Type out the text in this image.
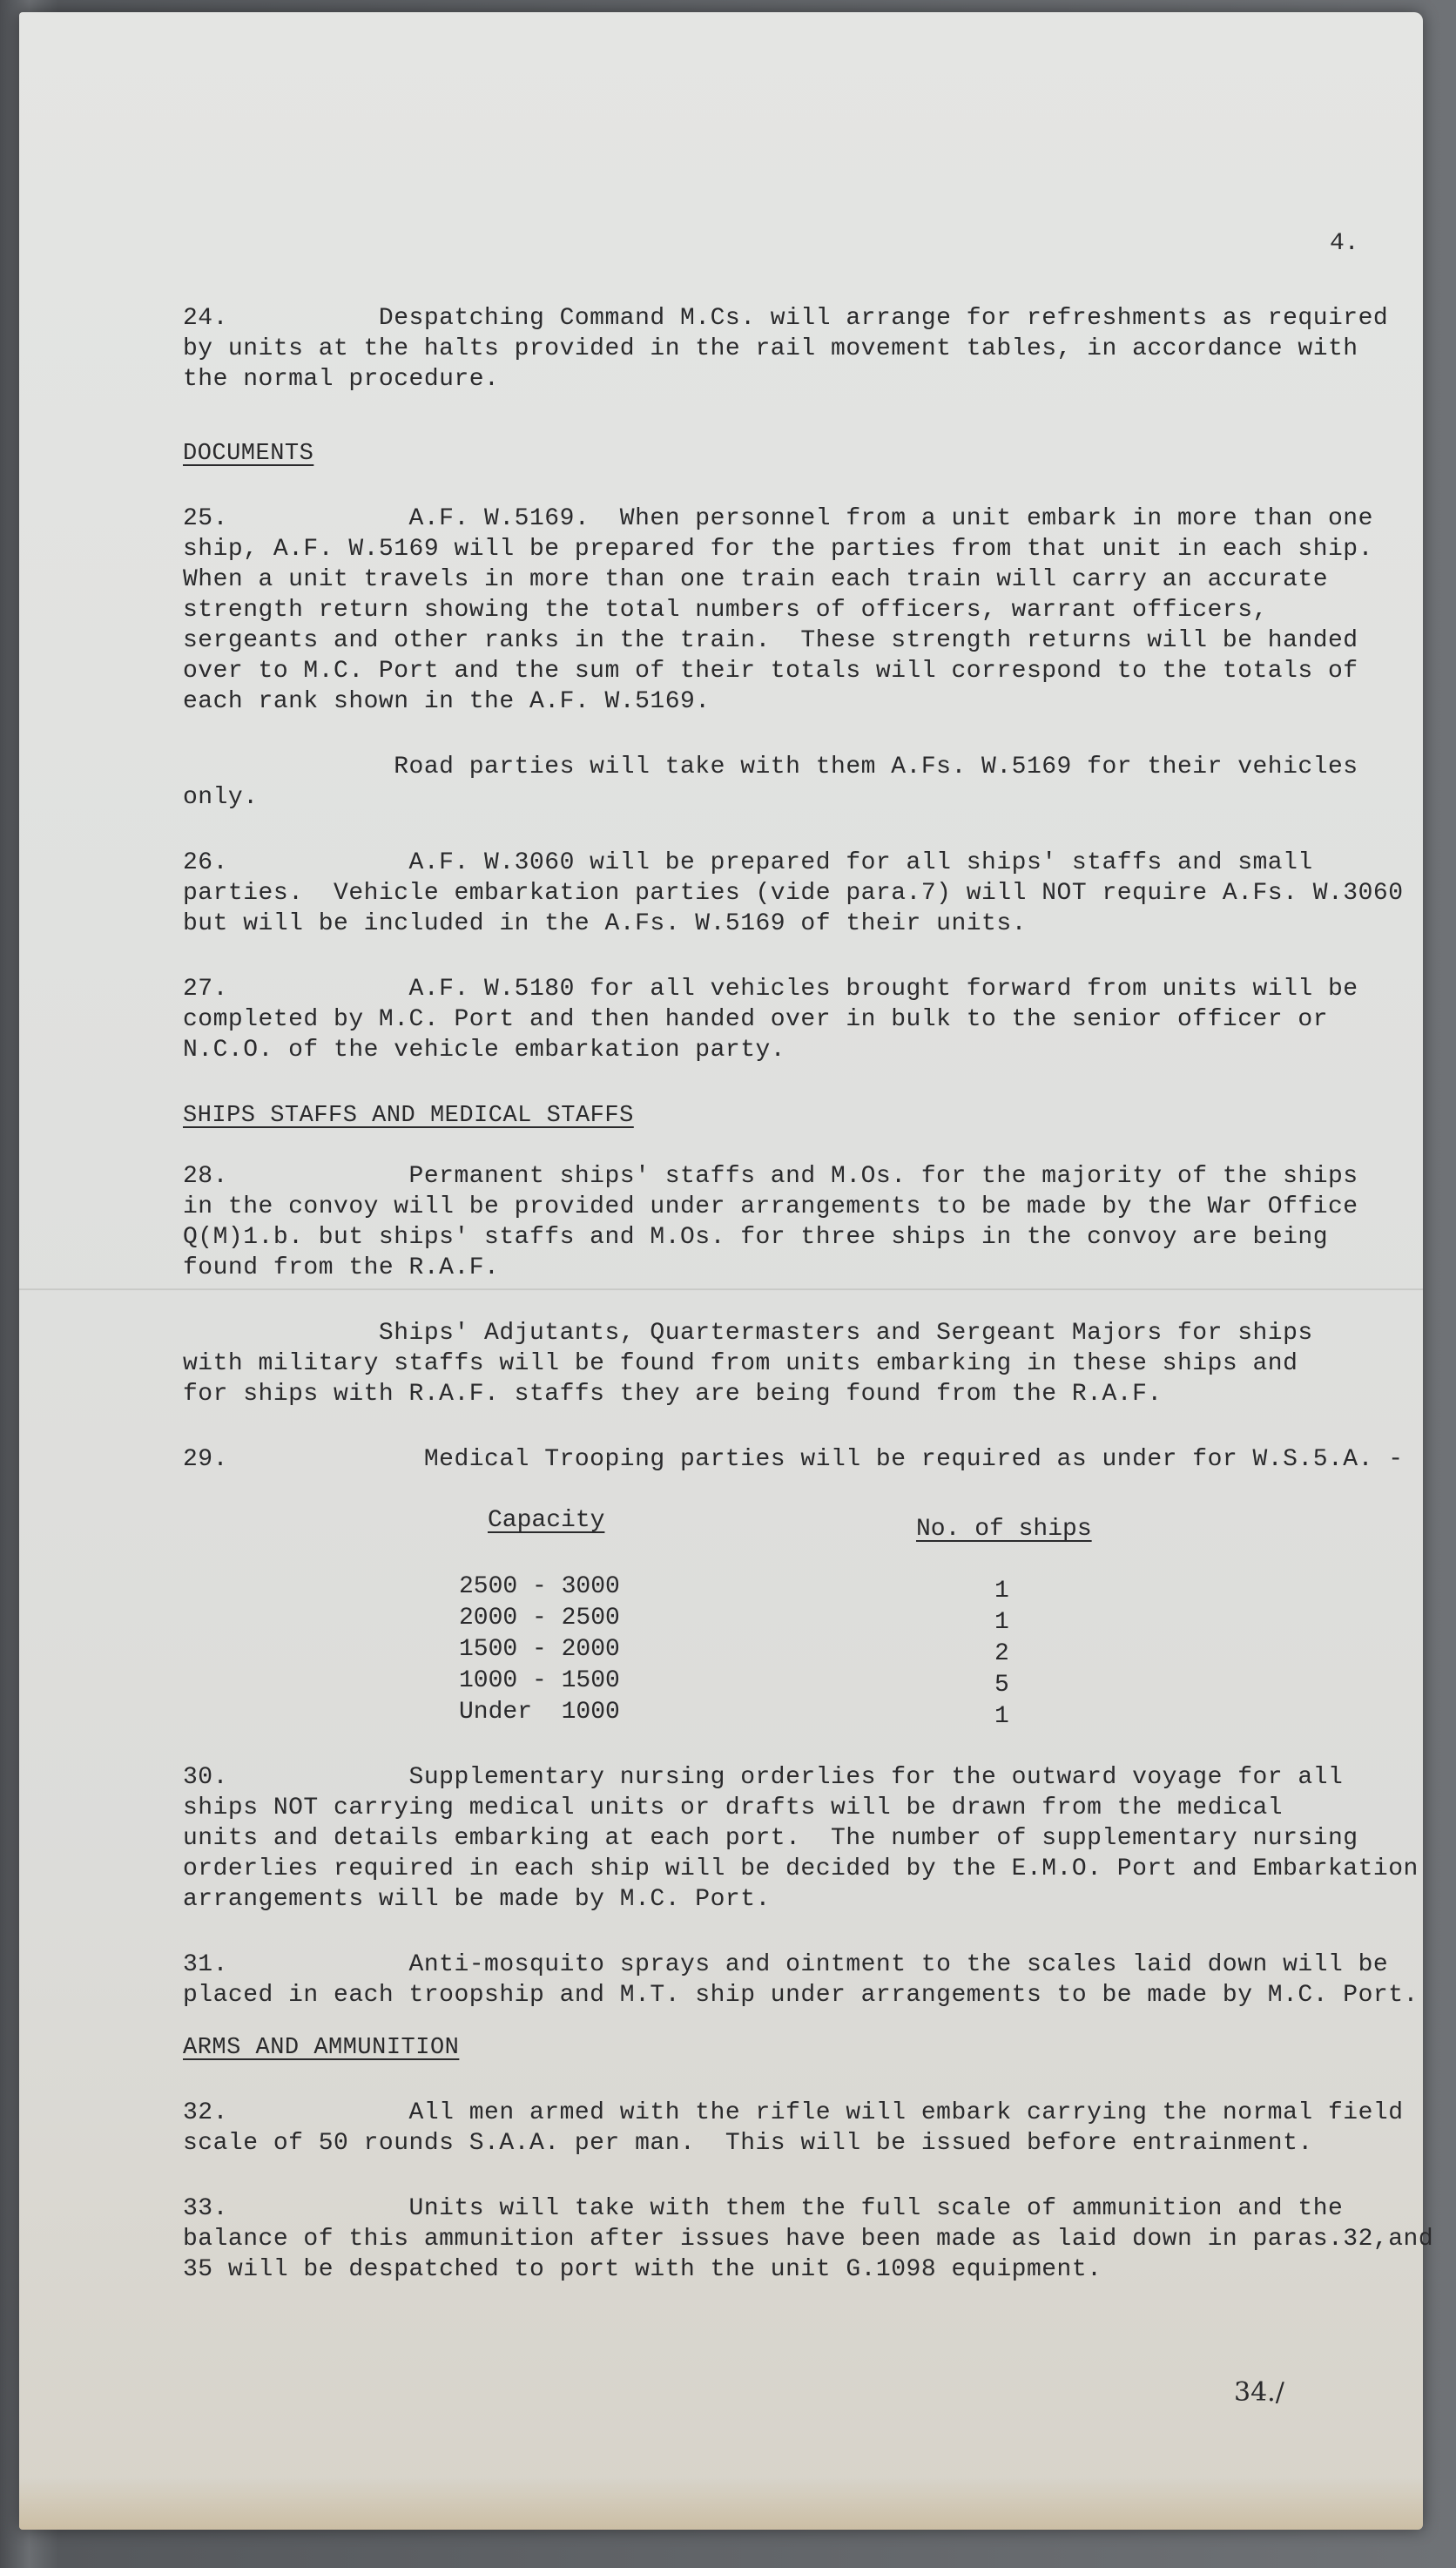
4.
24.          Despatching Command M.Cs. will arrange for refreshments as required
by units at the halts provided in the rail movement tables, in accordance with
the normal procedure.
DOCUMENTS
25.            A.F. W.5169.  When personnel from a unit embark in more than one
ship, A.F. W.5169 will be prepared for the parties from that unit in each ship.
When a unit travels in more than one train each train will carry an accurate
strength return showing the total numbers of officers, warrant officers,
sergeants and other ranks in the train.  These strength returns will be handed
over to M.C. Port and the sum of their totals will correspond to the totals of
each rank shown in the A.F. W.5169.
Road parties will take with them A.Fs. W.5169 for their vehicles
only.
26.            A.F. W.3060 will be prepared for all ships' staffs and small
parties.  Vehicle embarkation parties (vide para.7) will NOT require A.Fs. W.3060
but will be included in the A.Fs. W.5169 of their units.
27.            A.F. W.5180 for all vehicles brought forward from units will be
completed by M.C. Port and then handed over in bulk to the senior officer or
N.C.O. of the vehicle embarkation party.
SHIPS STAFFS AND MEDICAL STAFFS
28.            Permanent ships' staffs and M.Os. for the majority of the ships
in the convoy will be provided under arrangements to be made by the War Office
Q(M)1.b. but ships' staffs and M.Os. for three ships in the convoy are being
found from the R.A.F.
Ships' Adjutants, Quartermasters and Sergeant Majors for ships
with military staffs will be found from units embarking in these ships and
for ships with R.A.F. staffs they are being found from the R.A.F.
29.             Medical Trooping parties will be required as under for W.S.5.A. -
Capacity	No. of ships
2500 - 3000
2000 - 2500
1500 - 2000
1000 - 1500
Under  1000
1
1
2
5
1
30.            Supplementary nursing orderlies for the outward voyage for all
ships NOT carrying medical units or drafts will be drawn from the medical
units and details embarking at each port.  The number of supplementary nursing
orderlies required in each ship will be decided by the E.M.O. Port and Embarkation
arrangements will be made by M.C. Port.
31.            Anti-mosquito sprays and ointment to the scales laid down will be
placed in each troopship and M.T. ship under arrangements to be made by M.C. Port.
ARMS AND AMMUNITION
32.            All men armed with the rifle will embark carrying the normal field
scale of 50 rounds S.A.A. per man.  This will be issued before entrainment.
33.            Units will take with them the full scale of ammunition and the
balance of this ammunition after issues have been made as laid down in paras.32,and
35 will be despatched to port with the unit G.1098 equipment.
34./
